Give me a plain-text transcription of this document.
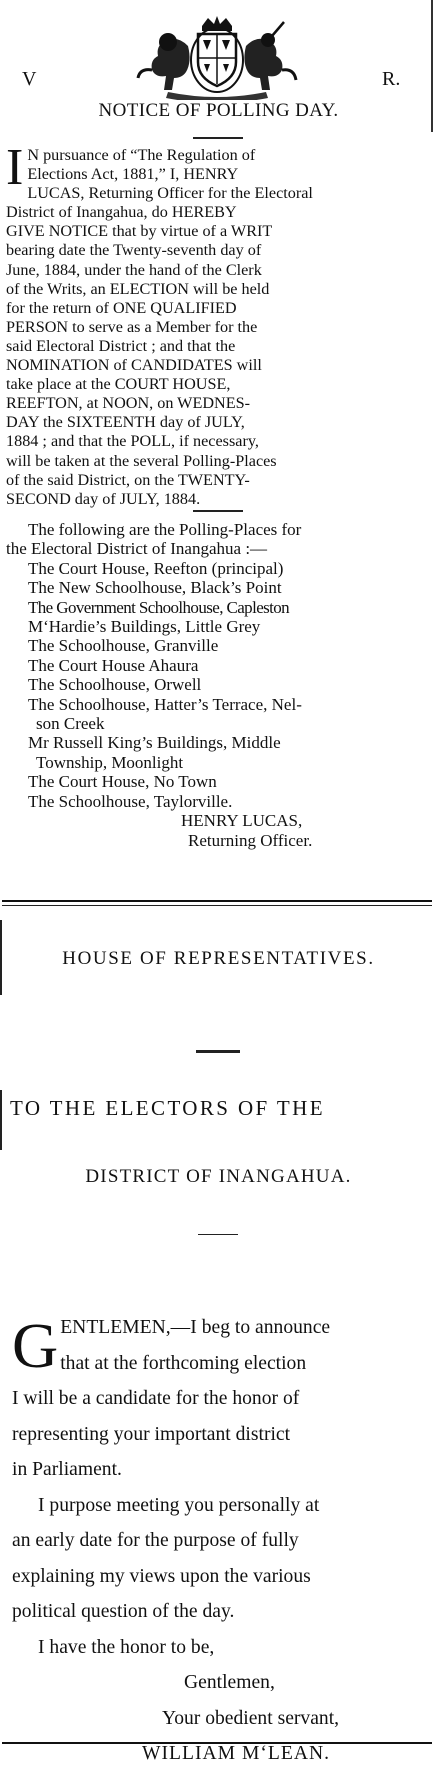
V	R.
NOTICE OF POLLING DAY.
I N pursuance of “The Regulation of
Elections Act, 1881,” I, HENRY
LUCAS, Returning Officer for the Electoral
District of Inangahua, do HEREBY
GIVE NOTICE that by virtue of a WRIT
bearing date the Twenty-seventh day of
June, 1884, under the hand of the Clerk
of the Writs, an ELECTION will be held
for the return of ONE QUALIFIED
PERSON to serve as a Member for the
said Electoral District ; and that the
NOMINATION of CANDIDATES will
take place at the COURT HOUSE,
REEFTON, at NOON, on WEDNES-
DAY the SIXTEENTH day of JULY,
1884 ; and that the POLL, if necessary,
will be taken at the several Polling-Places
of the said District, on the TWENTY-
SECOND day of JULY, 1884.
The following are the Polling-Places for
the Electoral District of Inangahua :—
The Court House, Reefton (principal)
The New Schoolhouse, Black’s Point
The Government Schoolhouse, Capleston
M‘Hardie’s Buildings, Little Grey
The Schoolhouse, Granville
The Court House Ahaura
The Schoolhouse, Orwell
The Schoolhouse, Hatter’s Terrace, Nel-
son Creek
Mr Russell King’s Buildings, Middle
Township, Moonlight
The Court House, No Town
The Schoolhouse, Taylorville.
HENRY LUCAS,
Returning Officer.
HOUSE OF REPRESENTATIVES.
TO THE ELECTORS OF THE
DISTRICT OF INANGAHUA.
G ENTLEMEN,—I beg to announce
that at the forthcoming election
I will be a candidate for the honor of
representing your important district
in Parliament.
I purpose meeting you personally at
an early date for the purpose of fully
explaining my views upon the various
political question of the day.
I have the honor to be,
Gentlemen,
Your obedient servant,
WILLIAM M‘LEAN.
